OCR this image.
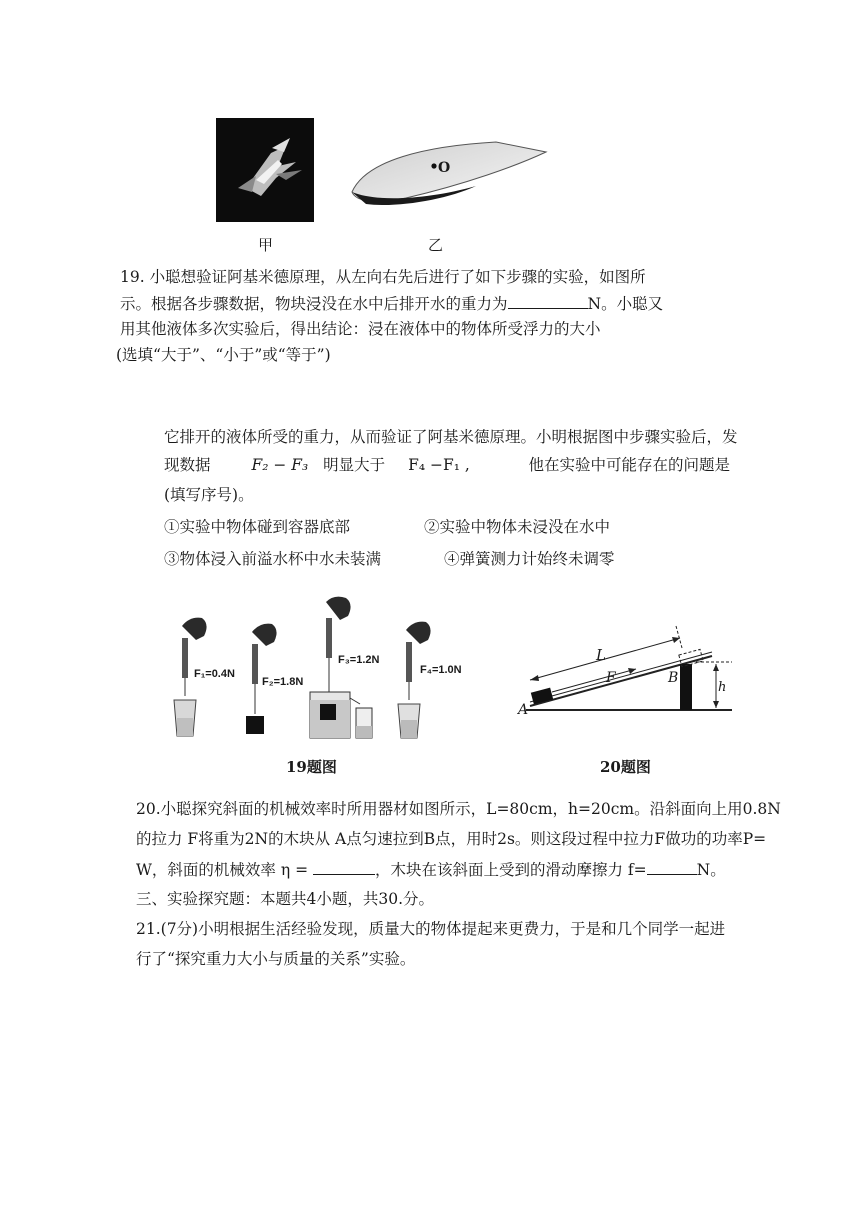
O
甲	乙
19. 小聪想验证阿基米德原理，从左向右先后进行了如下步骤的实验，如图所
示。根据各步骤数据，物块浸没在水中后排开水的重力为	N。小聪又
用其他液体多次实验后，得出结论：浸在液体中的物体所受浮力的大小
(选填“大于”、“小于”或“等于”)
它排开的液体所受的重力，从而验证了阿基米德原理。小明根据图中步骤实验后，发
现数据	F₂ − F₃ 明显大于 F₄ −F₁ ,	他在实验中可能存在的问题是
(填写序号)。
①实验中物体碰到容器底部	②实验中物体未浸没在水中
③物体浸入前溢水杯中水未装满	④弹簧测力计始终未调零
F₁=0.4N
F₂=1.8N
F₃=1.2N
F₄=1.0N
19题图
L
F
A
B
h
20题图
20.小聪探究斜面的机械效率时所用器材如图所示，L=80cm，h=20cm。沿斜面向上用0.8N
的拉力 F将重为2N的木块从 A点匀速拉到B点，用时2s。则这段过程中拉力F做功的功率P=
W，斜面的机械效率 η =	，木块在该斜面上受到的滑动摩擦力 f=	N。
三、实验探究题：本题共4小题，共30.分。
21.(7分)小明根据生活经验发现，质量大的物体提起来更费力，于是和几个同学一起进
行了“探究重力大小与质量的关系”实验。
